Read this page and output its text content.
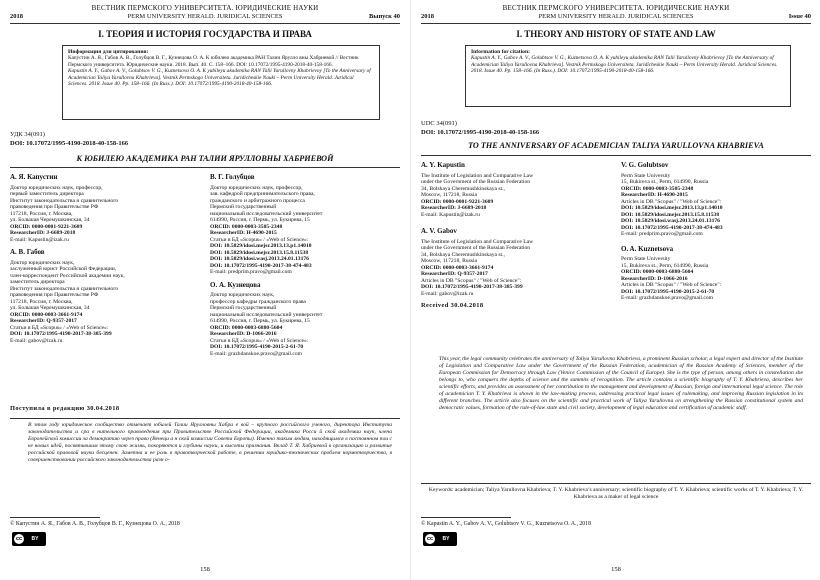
ВЕСТНИК ПЕРМСКОГО УНИВЕРСИТЕТА. ЮРИДИЧЕСКИЕ НАУКИ
2018	PERM UNIVERSITY HERALD. JURIDICAL SCIENCES	Выпуск 40
I. ТЕОРИЯ И ИСТОРИЯ ГОСУДАРСТВА И ПРАВА
Информация для цитирования:
Капустин А. Я., Габов А. В., Голубцов В. Г., Кузнецова О. А. К юбилею академика РАН Талии Ярулло вны Хабриевой // Вестник Пермского университета. Юридические науки. 2018. Вып. 40. С. 158–166. DOI: 10.17072/1995-4190-2018-40-158-166.
Kapustin A. Y., Gabov A. V., Golubtsov V. G., Kuznetsova O. A. K yubileyu akademika RAN Talii Yarullovny Khabrievoy [To the Anniversary of Academician Taliya Yarullovna Khabrieva]. Vestnik Permskogo Universiteta. Juridicheskie Nauki – Perm University Herald. Juridical Sciences. 2018. Issue 40. Pp. 158–166. (In Russ.). DOI: 10.17072/1995-4190-2018-40-158-166.
УДК 34(091)
DOI: 10.17072/1995-4190-2018-40-158-166
К ЮБИЛЕЮ АКАДЕМИКА РАН ТАЛИИ ЯРУЛЛОВНЫ ХАБРИЕВОЙ
А. Я. Капустин

Доктор юридических наук, профессор,

первый заместитель директора

Институт законодательства и сравнительного

правоведения при Правительстве РФ

117218, Россия, г. Москва,

ул. Большая Черемушкинская, 34

ORCID: 0000-0001-9221-3609

ResearcherID: J-6689-2018

E-mail: Kapustin@izak.ru

А. В. Габов

Доктор юридических наук,

заслуженный юрист Российской Федерации,

член-корреспондент Российской академии наук,

заместитель директора

Институт законодательства и сравнительного

правоведения при Правительстве РФ

117218, Россия, г. Москва,

ул. Большая Черемушкинская, 34

ORCID: 0000-0003-3661-9174

ResearcherID: Q-9357-2017

Статьи в БД «Scopus» / «Web of Science»:

DOI: 10.17072/1995-4190-2017-38-385-399

E-mail: gabov@izak.ru

Поступила в редакцию 30.04.2018
В. Г. Голубцов

Доктор юридических наук, профессор,

зав. кафедрой предпринимательского права,

гражданского и арбитражного процесса

Пермский государственный

национальный исследовательский университет

614990, Россия, г. Пермь, ул. Букирева, 15

ORCID: 0000-0003-3505-2348

ResearcherID: H-4690-2015

Статьи в БД «Scopus» / «Web of Science»:

DOI: 10.5829/idosi.mejsr.2013.13.p1.14010

DOI: 10.5829/idosi.mejsr.2013.15.8.11538

DOI: 10.5829/idosi.wasj.2013.24.01.13176

DOI: 10.17072/1995-4190-2017-38-474-483

E-mail: predprim.pravo@gmail.com

О. А. Кузнецова

Доктор юридических наук,

профессор кафедры гражданского права

Пермский государственный

национальный исследовательский университет

614990, Россия, г. Пермь, ул. Букирева, 15

ORCID: 0000-0003-6880-5604

ResearcherID: D-1066-2016

Статьи в БД «Scopus» / «Web of Science»:

DOI: 10.17072/1995-4190-2015-2-61-70

E-mail: grazhdanskoe.pravo@gmail.com

В этом году юридическое сообщество отмечает юбилей Талии Ярулловны Хабри е вой – крупного российского ученого, директора Института законодательства и сра в нительного правоведения при Правительстве Российской Федерации, академика Росси й ской академии наук, члена Европейской комиссии за демократию через право (Венеци а н ской комиссии Совета Европы). Именно таким людям, находящимся в постоянном пои с ке новых идей, посвятившим этому свою жизнь, покоряются и глубины науки, и высоты признания. Вклад Т. Я. Хабриевой в организацию и развитие российской правовой науки бесценен. Заметна и ее роль в правотворческой работе, в решении юридико-технических проблем нормотворчества, в совершенствовании российского законодательства разн о-
© Капустин А. Я., Габов А. В., Голубцов В. Г., Кузнецова О. А., 2018
cc	BY
158
ВЕСТНИК ПЕРМСКОГО УНИВЕРСИТЕТА. ЮРИДИЧЕСКИЕ НАУКИ
2018	PERM UNIVERSITY HERALD. JURIDICAL SCIENCES	Issue 40
I. THEORY AND HISTORY OF STATE AND LAW
Information for citation:
Kapustin A. Y., Gabov A. V., Golubtsov V. G., Kuznetsova O. A. K yubileyu akademika RAN Talii Yarullovny Khabrievoy [To the Anniversary of Academician Taliya Yarullovna Khabrieva]. Vestnik Permskogo Universiteta. Juridicheskie Nauki – Perm University Herald. Juridical Sciences. 2018. Issue 40. Pp. 158–166. (In Russ.). DOI: 10.17072/1995-4190-2018-40-158-166.
UDC 34(091)
DOI: 10.17072/1995-4190-2018-40-158-166
TO THE ANNIVERSARY OF ACADEMICIAN TALIYA YARULLOVNA KHABRIEVA
A. Y. Kapustin

The Institute of Legislation and Comparative Law

under the Government of the Russian Federation

34, Bolshaya Cheremushkinskaya st.,

Moscow, 117218, Russia

ORCID: 0000-0001-9221-3609

ResearcherID: J-6689-2018

E-mail: Kapustin@izak.ru

A. V. Gabov

The Institute of Legislation and Comparative Law

under the Government of the Russian Federation

34, Bolshaya Cheremushkinskaya st.,

Moscow, 117218, Russia

ORCID: 0000-0003-3661-9174

ResearcherID: Q-9357-2017

Articles in DB "Scopus" / "Web of Science":

DOI: 10.17072/1995-4190-2017-38-385-399

E-mail: gabov@izak.ru

Received 30.04.2018
V. G. Golubtsov

Perm State University

15, Bukireva st., Perm, 614990, Russia

ORCID: 0000-0003-3505-2348

ResearcherID: H-4690-2015

Articles in DB "Scopus" / "Web of Science":

DOI: 10.5829/idosi.mejsr.2013.13.p1.14010

DOI: 10.5829/idosi.mejsr.2013.15.8.11538

DOI: 10.5829/idosi.wasj.2013.24.01.13176

DOI: 10.17072/1995-4190-2017-38-474-483

E-mail: predprim.pravo@gmail.com

O. A. Kuznetsova

Perm State University

15, Bukireva st., Perm, 614990, Russia

ORCID: 0000-0003-6880-5604

ResearcherID: D-1066-2016

Articles in DB "Scopus" / "Web of Science":

DOI: 10.17072/1995-4190-2015-2-61-70

E-mail: grazhdanskoe.pravo@gmail.com

This year, the legal community celebrates the anniversary of Taliya Yarullovna Khabrieva, a prominent Russian scholar, a legal expert and director of the Institute of Legislation and Comparative Law under the Government of the Russian Federation, academician of the Russian Academy of Sciences, member of the European Commission for Democracy through Law (Venice Commission of the Council of Europe). She is the type of person, among others in constellation she belongs to, who conquers the depths of science and the summits of recognition. The article contains a scientific biography of T. Y. Khabrieva, describes her scientific efforts, and provides an assessment of her contribution to the management and development of Russian, foreign and international legal science. The role of academician T. Y. Khabrieva is shown in the law-making process, addressing practical legal issues of rulemaking, and improving Russian legislation in its different branches. The article also focuses on the scientific and practical work of Taliya Yarullovna on strengthening the Russian constitutional system and democratic values, formation of the rule-of-law state and civil society, development of legal education and certification of academic staff.
Keywords: academician; Taliya Yarullovna Khabrieva; T. Y. Khabrieva’s anniversary; scientific biography of T. Y. Khabrieva; scientific works of T. Y. Khabrieva; T. Y. Khabrieva as a maker of legal science
© Kapustin A. Y., Gabov A. V., Golubtsov V. G., Kuznetsova O. A., 2018
cc	BY
158
